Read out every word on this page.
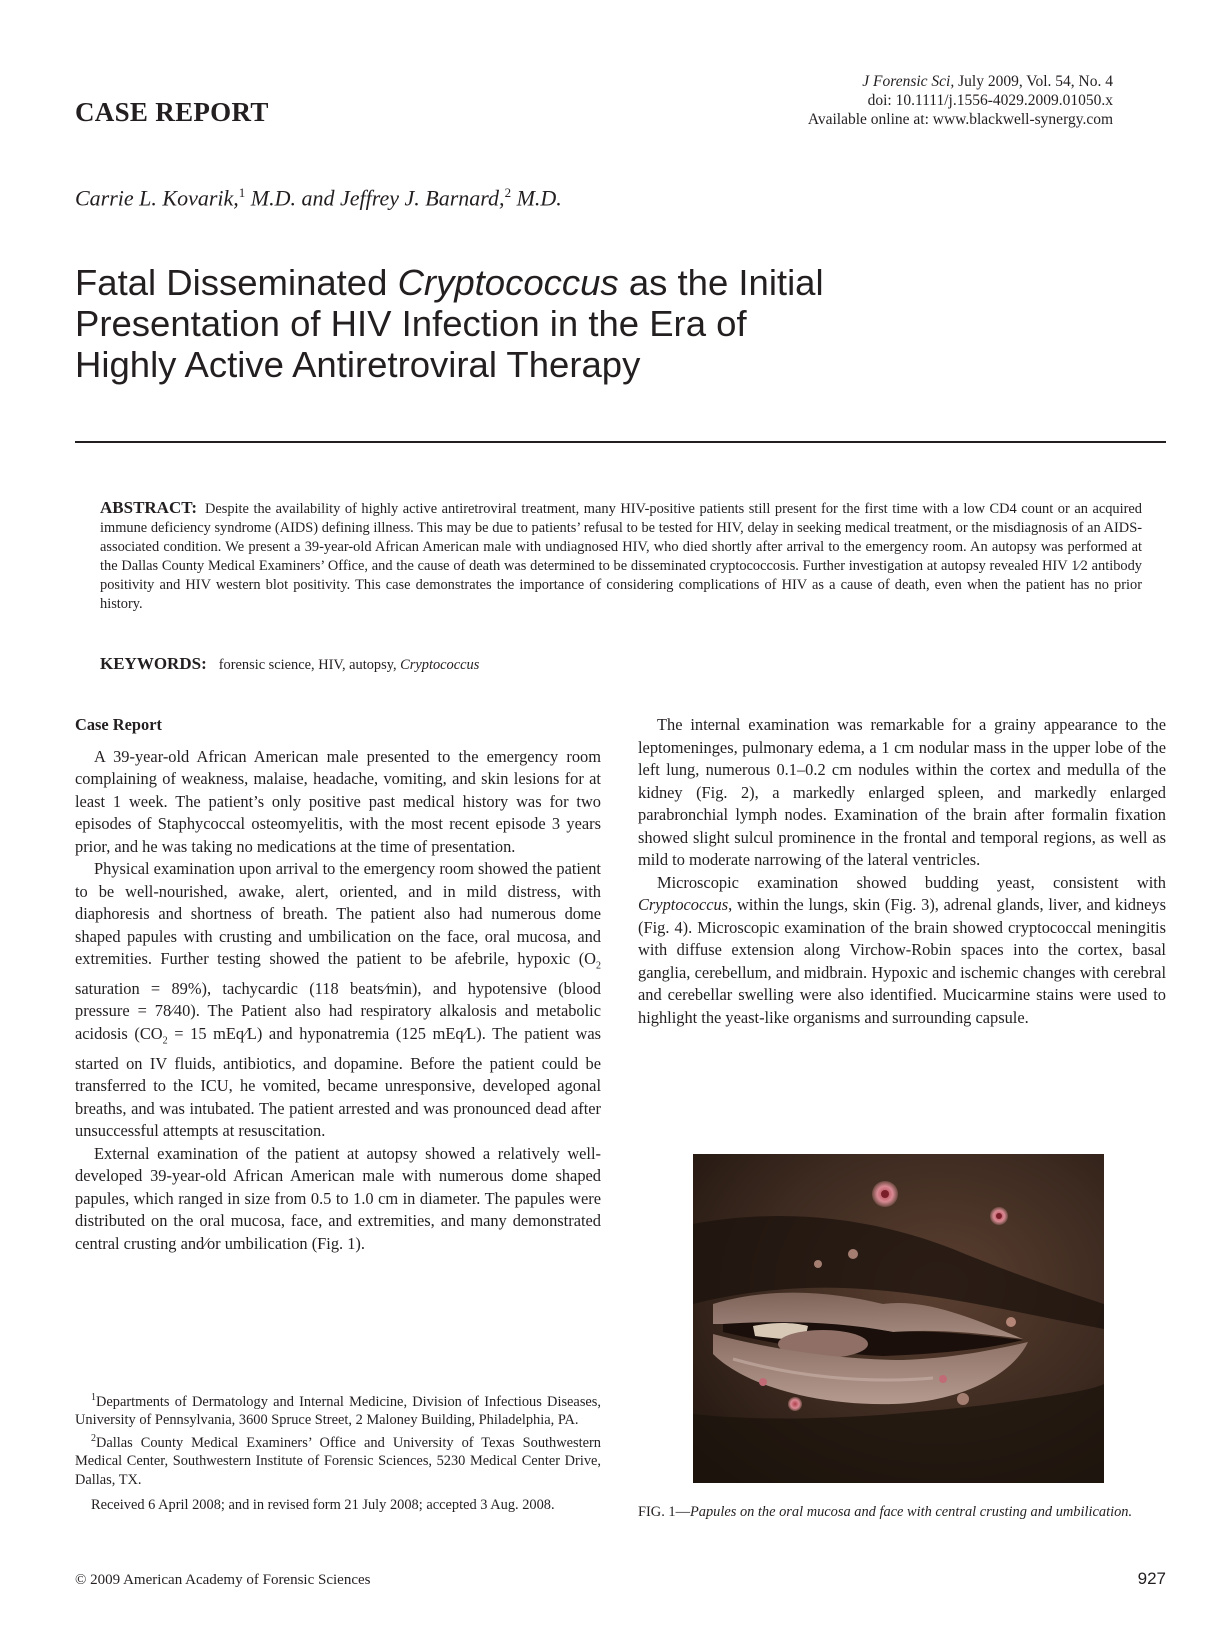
J Forensic Sci, July 2009, Vol. 54, No. 4
doi: 10.1111/j.1556-4029.2009.01050.x
Available online at: www.blackwell-synergy.com
CASE REPORT
Carrie L. Kovarik,$^1$ M.D. and Jeffrey J. Barnard,$^2$ M.D.
Fatal Disseminated Cryptococcus as the Initial
Presentation of HIV Infection in the Era of
Highly Active Antiretroviral Therapy
ABSTRACT: Despite the availability of highly active antiretroviral treatment, many HIV-positive patients still present for the first time with a low CD4 count or an acquired immune deficiency syndrome (AIDS) defining illness. This may be due to patients’ refusal to be tested for HIV, delay in seeking medical treatment, or the misdiagnosis of an AIDS-associated condition. We present a 39-year-old African American male with undiagnosed HIV, who died shortly after arrival to the emergency room. An autopsy was performed at the Dallas County Medical Examiners’ Office, and the cause of death was determined to be disseminated cryptococcosis. Further investigation at autopsy revealed HIV 1⁄2 antibody positivity and HIV western blot positivity. This case demonstrates the importance of considering complications of HIV as a cause of death, even when the patient has no prior history.
KEYWORDS: forensic science, HIV, autopsy, Cryptococcus
Case Report

A 39-year-old African American male presented to the emergency room complaining of weakness, malaise, headache, vomiting, and skin lesions for at least 1 week. The patient’s only positive past medical history was for two episodes of Staphycoccal osteomyelitis, with the most recent episode 3 years prior, and he was taking no medications at the time of presentation.

Physical examination upon arrival to the emergency room showed the patient to be well-nourished, awake, alert, oriented, and in mild distress, with diaphoresis and shortness of breath. The patient also had numerous dome shaped papules with crusting and umbilication on the face, oral mucosa, and extremities. Further testing showed the patient to be afebrile, hypoxic ($O_2$ saturation = 89%), tachycardic (118 beats⁄min), and hypotensive (blood pressure = 78⁄40). The Patient also had respiratory alkalosis and metabolic acidosis ($CO_2 = 15$ mEq⁄L) and hyponatremia (125 mEq⁄L). The patient was started on IV fluids, antibiotics, and dopamine. Before the patient could be transferred to the ICU, he vomited, became unresponsive, developed agonal breaths, and was intubated. The patient arrested and was pronounced dead after unsuccessful attempts at resuscitation.

External examination of the patient at autopsy showed a relatively well-developed 39-year-old African American male with numerous dome shaped papules, which ranged in size from 0.5 to 1.0 cm in diameter. The papules were distributed on the oral mucosa, face, and extremities, and many demonstrated central crusting and⁄or umbilication (Fig. 1).

$^1$Departments of Dermatology and Internal Medicine, Division of Infectious Diseases, University of Pennsylvania, 3600 Spruce Street, 2 Maloney Building, Philadelphia, PA.

$^2$Dallas County Medical Examiners’ Office and University of Texas Southwestern Medical Center, Southwestern Institute of Forensic Sciences, 5230 Medical Center Drive, Dallas, TX.

Received 6 April 2008; and in revised form 21 July 2008; accepted 3 Aug. 2008.

The internal examination was remarkable for a grainy appearance to the leptomeninges, pulmonary edema, a 1 cm nodular mass in the upper lobe of the left lung, numerous 0.1–0.2 cm nodules within the cortex and medulla of the kidney (Fig. 2), a markedly enlarged spleen, and markedly enlarged parabronchial lymph nodes. Examination of the brain after formalin fixation showed slight sulcul prominence in the frontal and temporal regions, as well as mild to moderate narrowing of the lateral ventricles.

Microscopic examination showed budding yeast, consistent with Cryptococcus, within the lungs, skin (Fig. 3), adrenal glands, liver, and kidneys (Fig. 4). Microscopic examination of the brain showed cryptococcal meningitis with diffuse extension along Virchow-Robin spaces into the cortex, basal ganglia, cerebellum, and midbrain. Hypoxic and ischemic changes with cerebral and cerebellar swelling were also identified. Mucicarmine stains were used to highlight the yeast-like organisms and surrounding capsule.

FIG. 1—Papules on the oral mucosa and face with central crusting and umbilication.
© 2009 American Academy of Forensic Sciences	927
